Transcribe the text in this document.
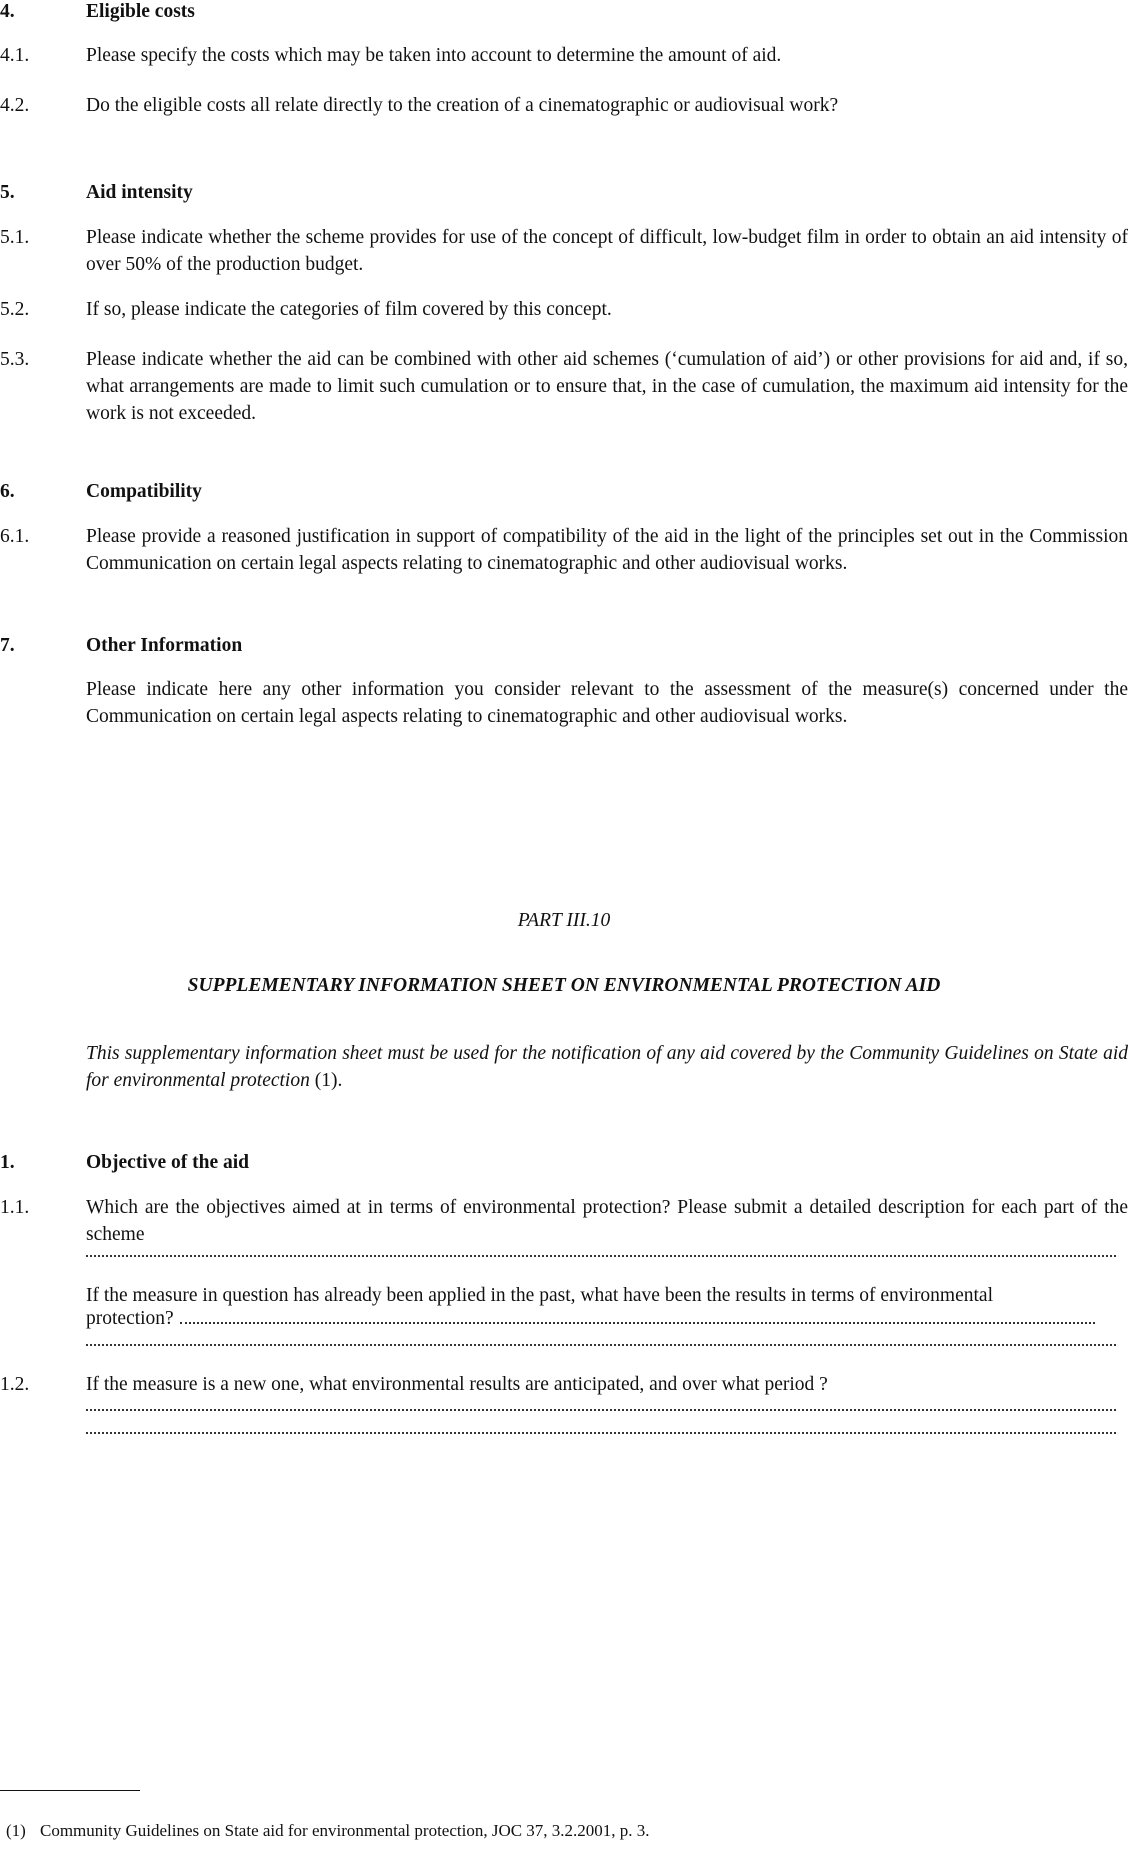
4.	Eligible costs
4.1.	Please specify the costs which may be taken into account to determine the amount of aid.
4.2.	Do the eligible costs all relate directly to the creation of a cinematographic or audiovisual work?
5.	Aid intensity
5.1.	Please indicate whether the scheme provides for use of the concept of difficult, low-budget film in order to obtain an aid intensity of over 50% of the production budget.
5.2.	If so, please indicate the categories of film covered by this concept.
5.3.	Please indicate whether the aid can be combined with other aid schemes (‘cumulation of aid’) or other provisions for aid and, if so, what arrangements are made to limit such cumulation or to ensure that, in the case of cumulation, the maximum aid intensity for the work is not exceeded.
6.	Compatibility
6.1.	Please provide a reasoned justification in support of compatibility of the aid in the light of the principles set out in the Commission Communication on certain legal aspects relating to cinematographic and other audiovisual works.
7.	Other Information
Please indicate here any other information you consider relevant to the assessment of the measure(s) concerned under the Communication on certain legal aspects relating to cinematographic and other audiovisual works.
PART III.10
SUPPLEMENTARY INFORMATION SHEET ON ENVIRONMENTAL PROTECTION AID
This supplementary information sheet must be used for the notification of any aid covered by the Community Guidelines on State aid for environmental protection (1).
1.	Objective of the aid
1.1.	Which are the objectives aimed at in terms of environmental protection? Please submit a detailed description for each part of the scheme
If the measure in question has already been applied in the past, what have been the results in terms of environmental
protection?
1.2.	If the measure is a new one, what environmental results are anticipated, and over what period ?
(1) Community Guidelines on State aid for environmental protection, JOC 37, 3.2.2001, p. 3.
